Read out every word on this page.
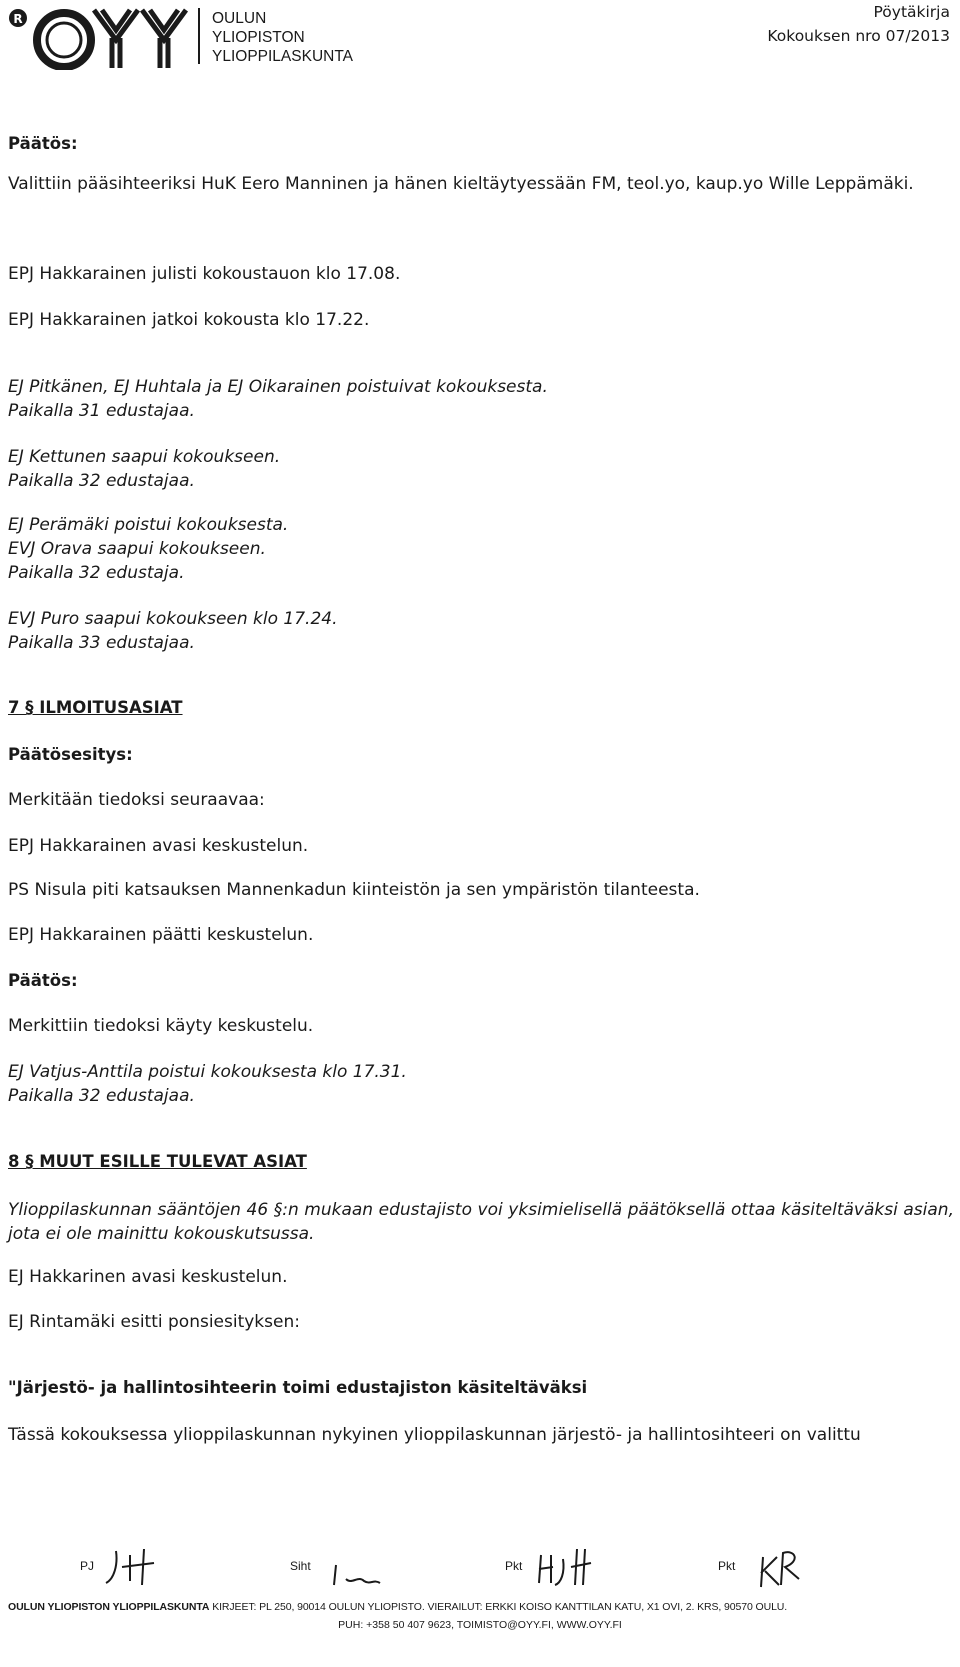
R	OULUN
YLIOPISTON
YLIOPPILASKUNTA
Pöytäkirja
Kokouksen nro 07/2013
Päätös:
Valittiin pääsihteeriksi HuK Eero Manninen ja hänen kieltäytyessään FM, teol.yo, kaup.yo Wille Leppämäki.
EPJ Hakkarainen julisti kokoustauon klo 17.08.
EPJ Hakkarainen jatkoi kokousta klo 17.22.
EJ Pitkänen, EJ Huhtala ja EJ Oikarainen poistuivat kokouksesta.
Paikalla 31 edustajaa.
EJ Kettunen saapui kokoukseen.
Paikalla 32 edustajaa.
EJ Perämäki poistui kokouksesta.
EVJ Orava saapui kokoukseen.
Paikalla 32 edustaja.
EVJ Puro saapui kokoukseen klo 17.24.
Paikalla 33 edustajaa.
7 § ILMOITUSASIAT
Päätösesitys:
Merkitään tiedoksi seuraavaa:
EPJ Hakkarainen avasi keskustelun.
PS Nisula piti katsauksen Mannenkadun kiinteistön ja sen ympäristön tilanteesta.
EPJ Hakkarainen päätti keskustelun.
Päätös:
Merkittiin tiedoksi käyty keskustelu.
EJ Vatjus-Anttila poistui kokouksesta klo 17.31.
Paikalla 32 edustajaa.
8 § MUUT ESILLE TULEVAT ASIAT
Ylioppilaskunnan sääntöjen 46 §:n mukaan edustajisto voi yksimielisellä päätöksellä ottaa käsiteltäväksi asian, jota ei ole mainittu kokouskutsussa.
EJ Hakkarinen avasi keskustelun.
EJ Rintamäki esitti ponsiesityksen:
"Järjestö- ja hallintosihteerin toimi edustajiston käsiteltäväksi
Tässä kokouksessa ylioppilaskunnan nykyinen ylioppilaskunnan järjestö- ja hallintosihteeri on valittu
PJ	Siht	Pkt	Pkt
OULUN YLIOPISTON YLIOPPILASKUNTA KIRJEET: PL 250, 90014 OULUN YLIOPISTO. VIERAILUT: ERKKI KOISO KANTTILAN KATU, X1 OVI, 2. KRS, 90570 OULU.
PUH: +358 50 407 9623, TOIMISTO@OYY.FI, WWW.OYY.FI
